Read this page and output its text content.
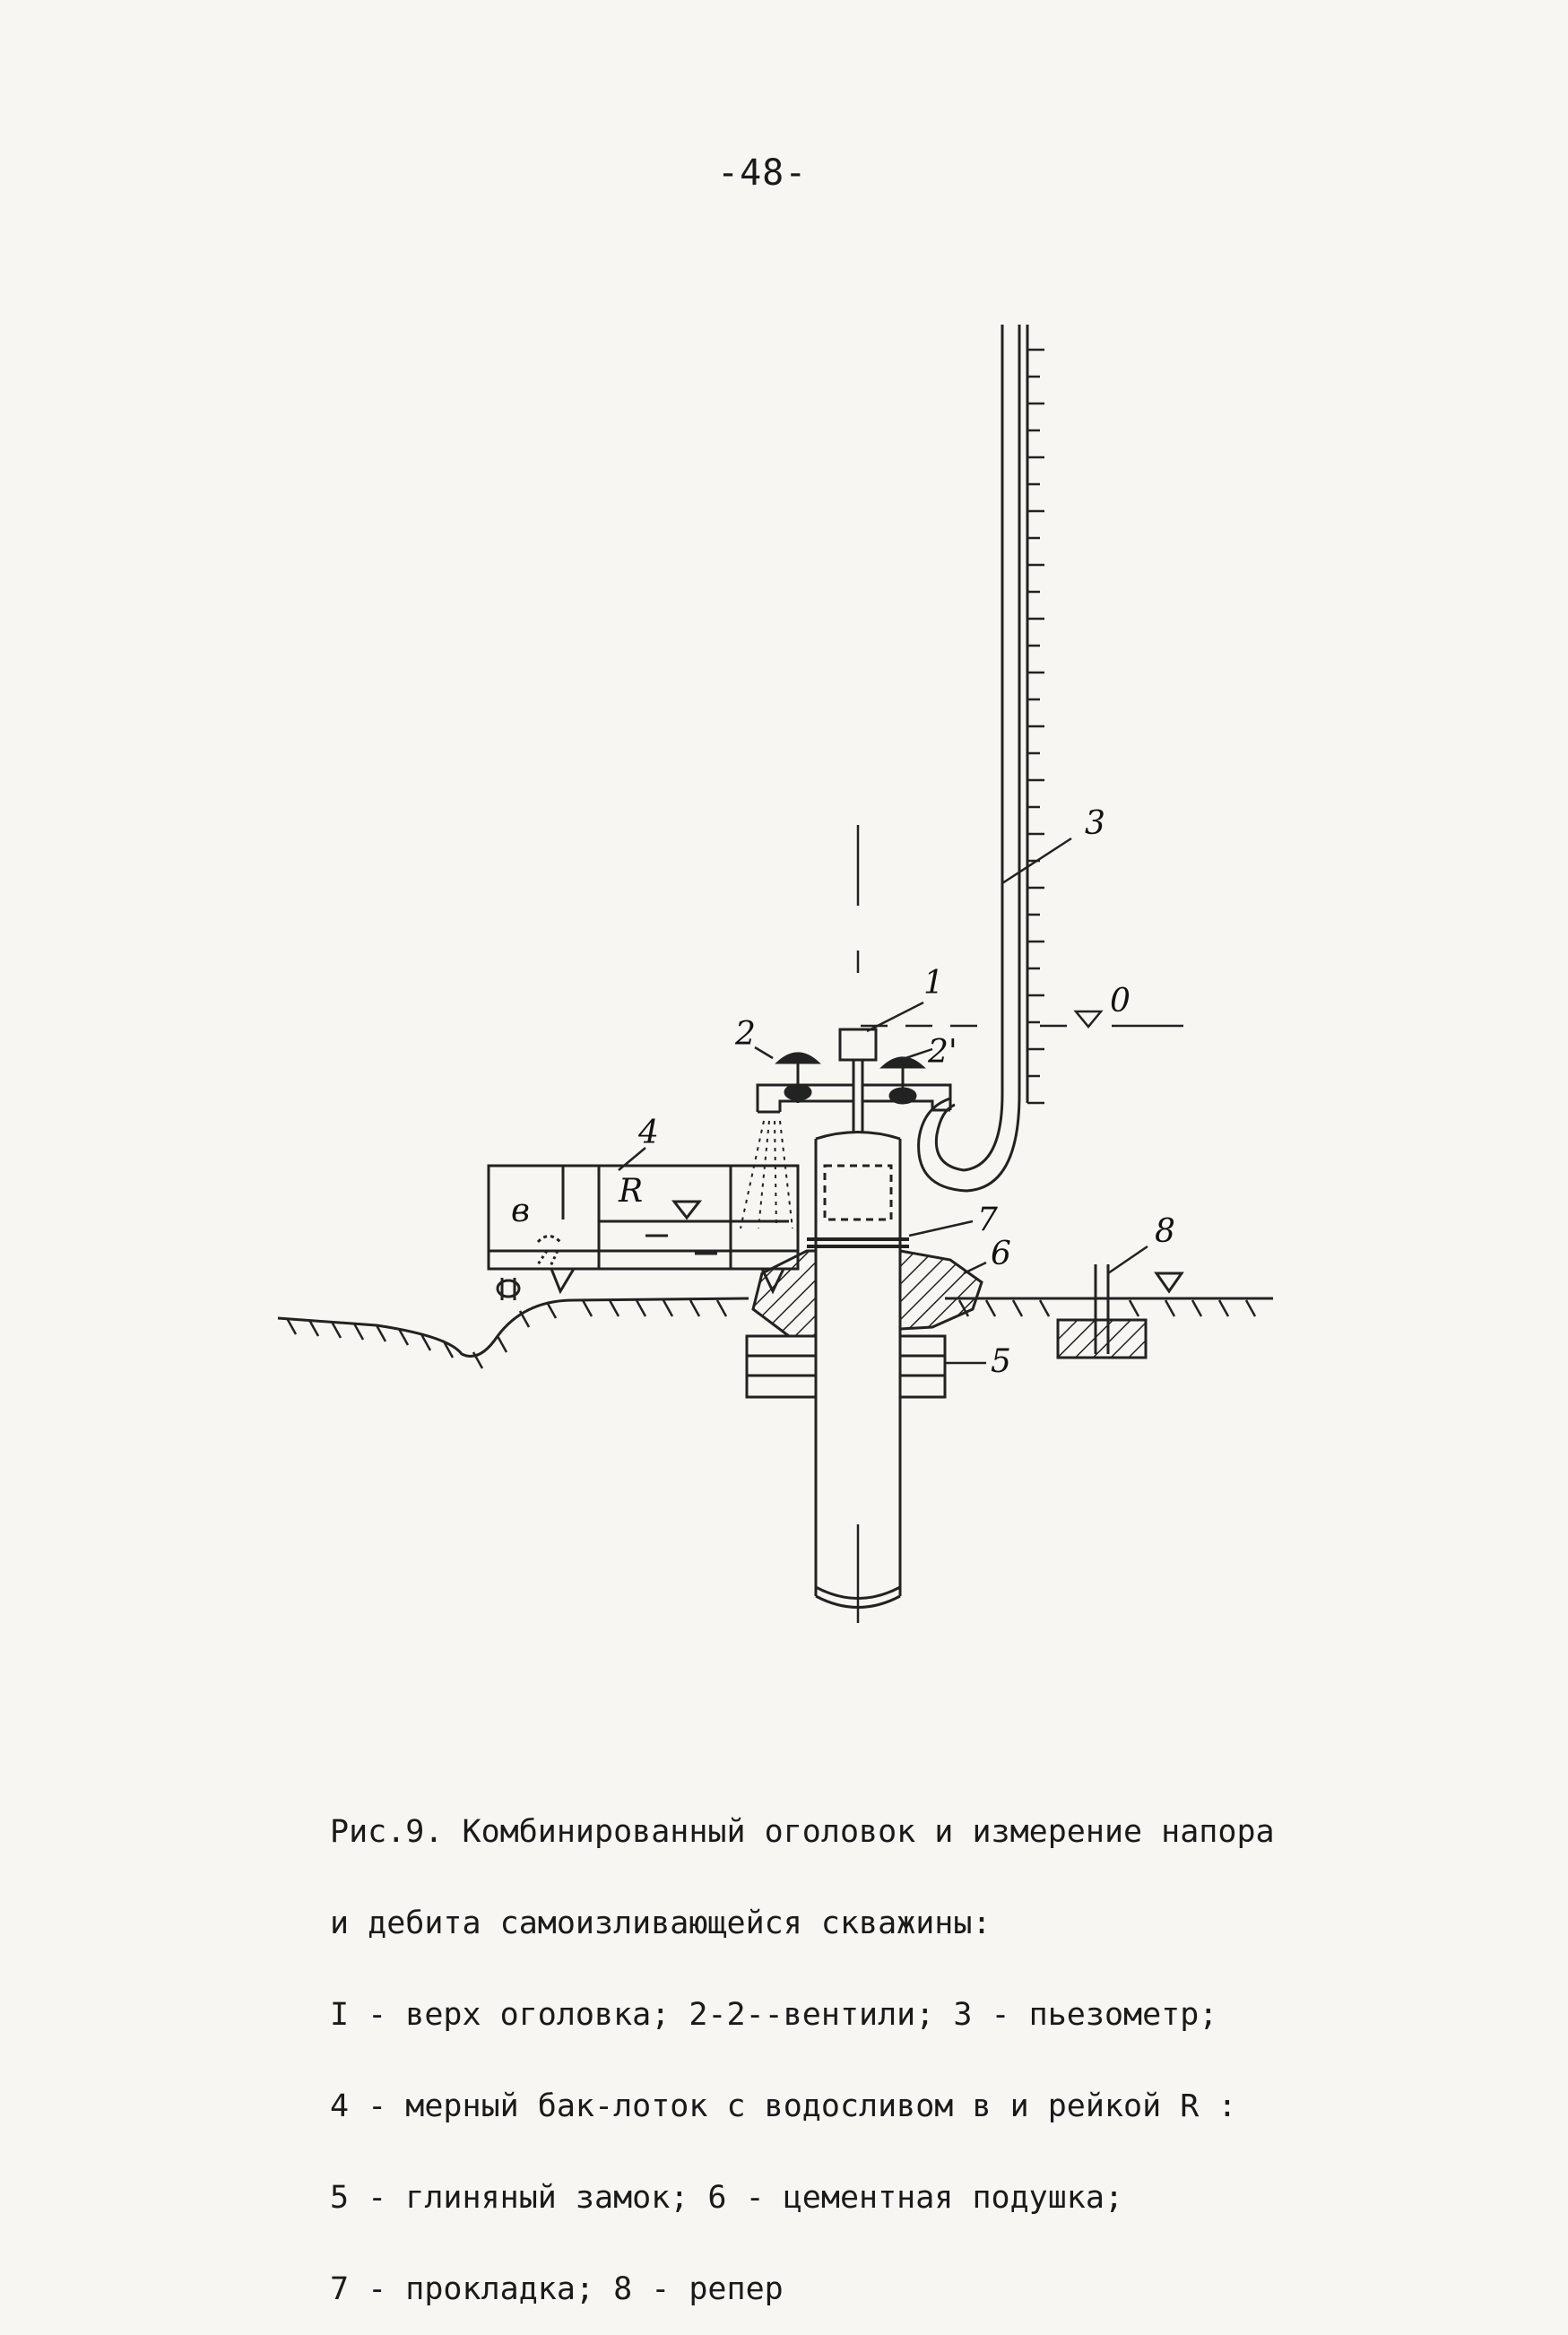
-48-
1
2	2'
3
4
5
6
7	8
0
в
R

Рис.9. Комбинированный оголовок и измерение напора

и дебита самоизливающейся скважины:

I - верх оголовка; 2-2--вентили; 3 - пьезометр;

4 - мерный бак-лоток с водосливом в и рейкой R :

5 - глиняный замок; 6 - цементная подушка;

7 - прокладка; 8 - репер
